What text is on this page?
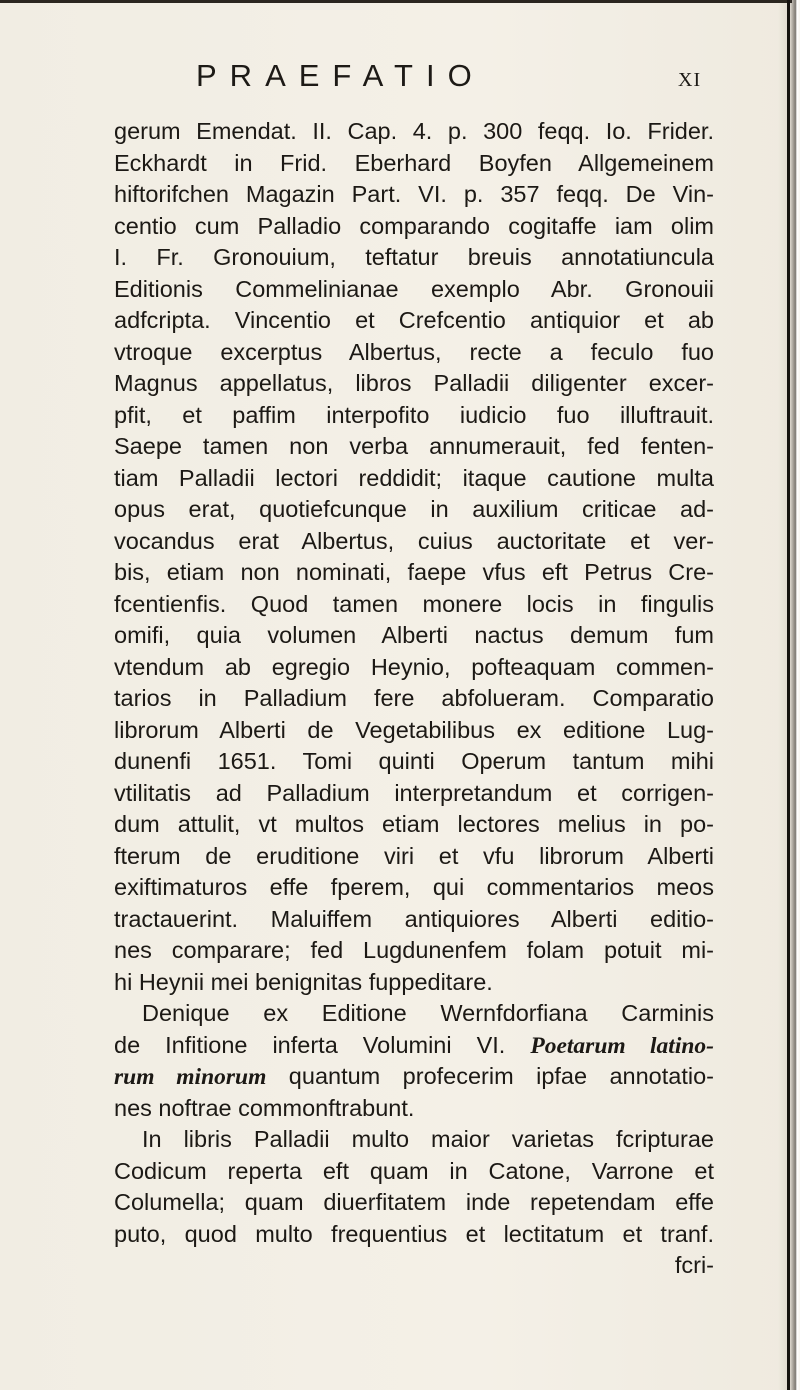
PRAEFATIO	xi
gerum Emendat. II. Cap. 4. p. 300 feqq. Io. Frider.
Eckhardt in Frid. Eberhard Boyfen Allgemeinem
hiftorifchen Magazin Part. VI. p. 357 feqq. De Vin-
centio cum Palladio comparando cogitaffe iam olim
I. Fr. Gronouium, teftatur breuis annotatiuncula
Editionis Commelinianae exemplo Abr. Gronouii
adfcripta. Vincentio et Crefcentio antiquior et ab
vtroque excerptus Albertus, recte a feculo fuo
Magnus appellatus, libros Palladii diligenter excer-
pfit, et paffim interpofito iudicio fuo illuftrauit.
Saepe tamen non verba annumerauit, fed fenten-
tiam Palladii lectori reddidit; itaque cautione multa
opus erat, quotiefcunque in auxilium criticae ad-
vocandus erat Albertus, cuius auctoritate et ver-
bis, etiam non nominati, faepe vfus eft Petrus Cre-
fcentienfis. Quod tamen monere locis in fingulis
omifi, quia volumen Alberti nactus demum fum
vtendum ab egregio Heynio, pofteaquam commen-
tarios in Palladium fere abfolueram. Comparatio
librorum Alberti de Vegetabilibus ex editione Lug-
dunenfi 1651. Tomi quinti Operum tantum mihi
vtilitatis ad Palladium interpretandum et corrigen-
dum attulit, vt multos etiam lectores melius in po-
fterum de eruditione viri et vfu librorum Alberti
exiftimaturos effe fperem, qui commentarios meos
tractauerint. Maluiffem antiquiores Alberti editio-
nes comparare; fed Lugdunenfem folam potuit mi-
hi Heynii mei benignitas fuppeditare.
Denique ex Editione Wernfdorfiana Carminis
de Infitione inferta Volumini VI. Poetarum latino-
rum minorum quantum profecerim ipfae annotatio-
nes noftrae commonftrabunt.
In libris Palladii multo maior varietas fcripturae
Codicum reperta eft quam in Catone, Varrone et
Columella; quam diuerfitatem inde repetendam effe
puto, quod multo frequentius et lectitatum et tranf.
fcri-
